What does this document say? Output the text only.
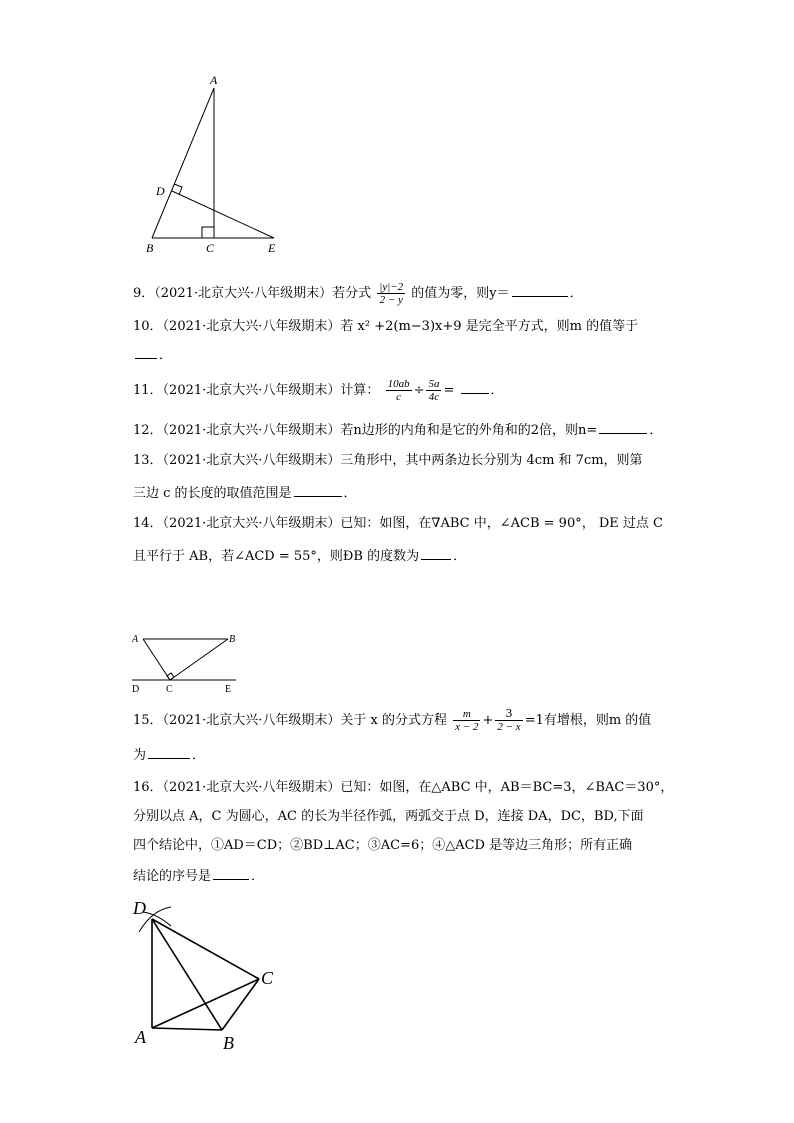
A
D
B	C	E
9．（2021·北京大兴·八年级期末）若分式 $\frac{|y|-2}{2 - y}$ 的值为零，则y＝	．
10．（2021·北京大兴·八年级期末）若 x² +2(m−3)x+9 是完全平方式，则m 的值等于
．
11．（2021·北京大兴·八年级期末）计算： $\frac{10ab}{c} \div \frac{5a}{4c}$ =	．
12．（2021·北京大兴·八年级期末）若n边形的内角和是它的外角和的2倍，则n=	．
13．（2021·北京大兴·八年级期末）三角形中，其中两条边长分别为 4cm 和 7cm，则第
三边 c 的长度的取值范围是	．
14．（2021·北京大兴·八年级期末）已知：如图，在∇ABC 中，∠ACB = 90°， DE 过点 C
且平行于 AB，若∠ACD = 55°，则ÐB 的度数为	．
A	B
D	C	E
15．（2021·北京大兴·八年级期末）关于 x 的分式方程 $\frac{m}{x - 2} + \frac{3}{2 - x} =1$有增根，则m 的值
为	．
16．（2021·北京大兴·八年级期末）已知：如图，在△ABC 中，AB＝BC=3，∠BAC＝30°，
分别以点 A，C 为圆心，AC 的长为半径作弧，两弧交于点 D，连接 DA，DC，BD,下面
四个结论中，①AD＝CD；②BD⊥AC；③AC=6；④△ACD 是等边三角形；所有正确
结论的序号是	．
D
C
A	B
